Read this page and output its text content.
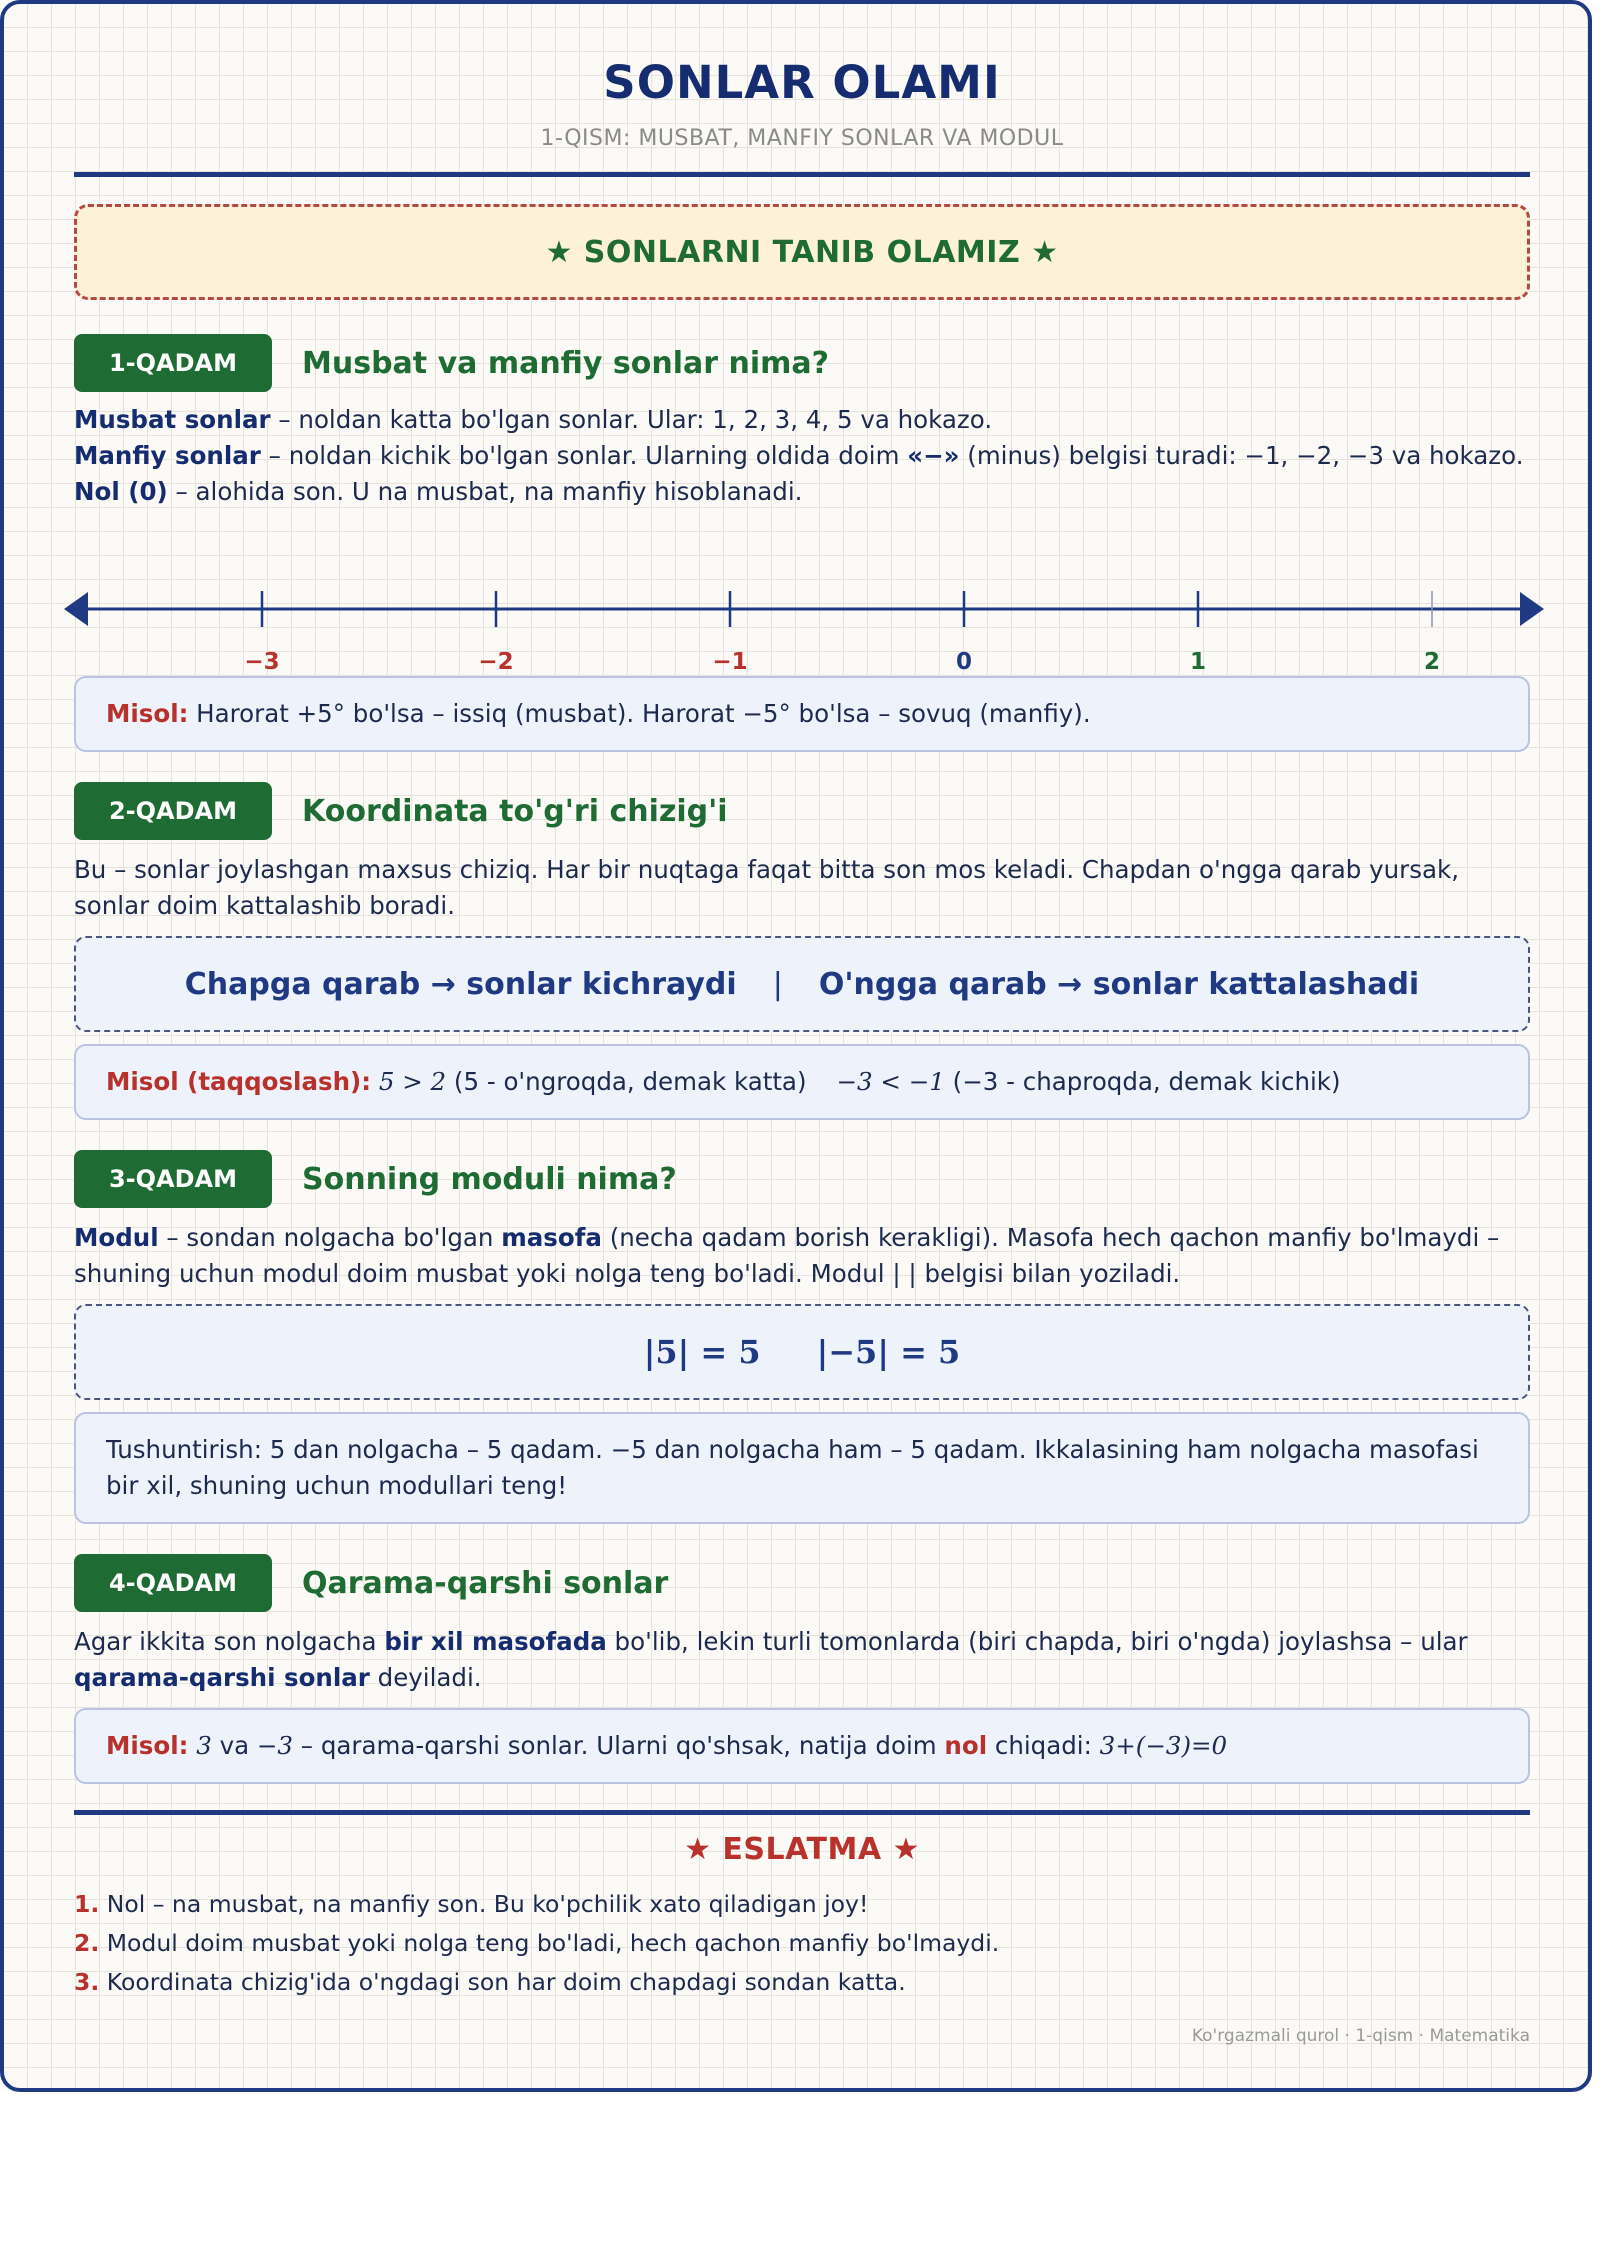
SONLAR OLAMI
1-QISM: MUSBAT, MANFIY SONLAR VA MODUL
★ SONLARNI TANIB OLAMIZ ★
1-QADAM	Musbat va manfiy sonlar nima?
Musbat sonlar – noldan katta bo'lgan sonlar. Ular: 1, 2, 3, 4, 5 va hokazo.
Manfiy sonlar – noldan kichik bo'lgan sonlar. Ularning oldida doim «−» (minus) belgisi turadi: −1, −2, −3 va hokazo.
Nol (0) – alohida son. U na musbat, na manfiy hisoblanadi.
−3	−2	−1	0	1	2
Misol: Harorat +5° bo'lsa – issiq (musbat). Harorat −5° bo'lsa – sovuq (manfiy).
2-QADAM	Koordinata to'g'ri chizig'i
Bu – sonlar joylashgan maxsus chiziq. Har bir nuqtaga faqat bitta son mos keladi. Chapdan o'ngga qarab yursak, sonlar doim kattalashib boradi.
Chapga qarab → sonlar kichraydi | O'ngga qarab → sonlar kattalashadi
Misol (taqqoslash): 5 > 2 (5 - o'ngroqda, demak katta) −3 < −1 (−3 - chaproqda, demak kichik)
3-QADAM	Sonning moduli nima?
Modul – sondan nolgacha bo'lgan masofa (necha qadam borish kerakligi). Masofa hech qachon manfiy bo'lmaydi – shuning uchun modul doim musbat yoki nolga teng bo'ladi. Modul | | belgisi bilan yoziladi.
|5| = 5 |−5| = 5
Tushuntirish: 5 dan nolgacha – 5 qadam. −5 dan nolgacha ham – 5 qadam. Ikkalasining ham nolgacha masofasi bir xil, shuning uchun modullari teng!
4-QADAM	Qarama-qarshi sonlar
Agar ikkita son nolgacha bir xil masofada bo'lib, lekin turli tomonlarda (biri chapda, biri o'ngda) joylashsa – ular qarama-qarshi sonlar deyiladi.
Misol: 3 va −3 – qarama-qarshi sonlar. Ularni qo'shsak, natija doim nol chiqadi: 3+(−3)=0
★ ESLATMA ★
1. Nol – na musbat, na manfiy son. Bu ko'pchilik xato qiladigan joy!
2. Modul doim musbat yoki nolga teng bo'ladi, hech qachon manfiy bo'lmaydi.
3. Koordinata chizig'ida o'ngdagi son har doim chapdagi sondan katta.
Ko'rgazmali qurol · 1-qism · Matematika
